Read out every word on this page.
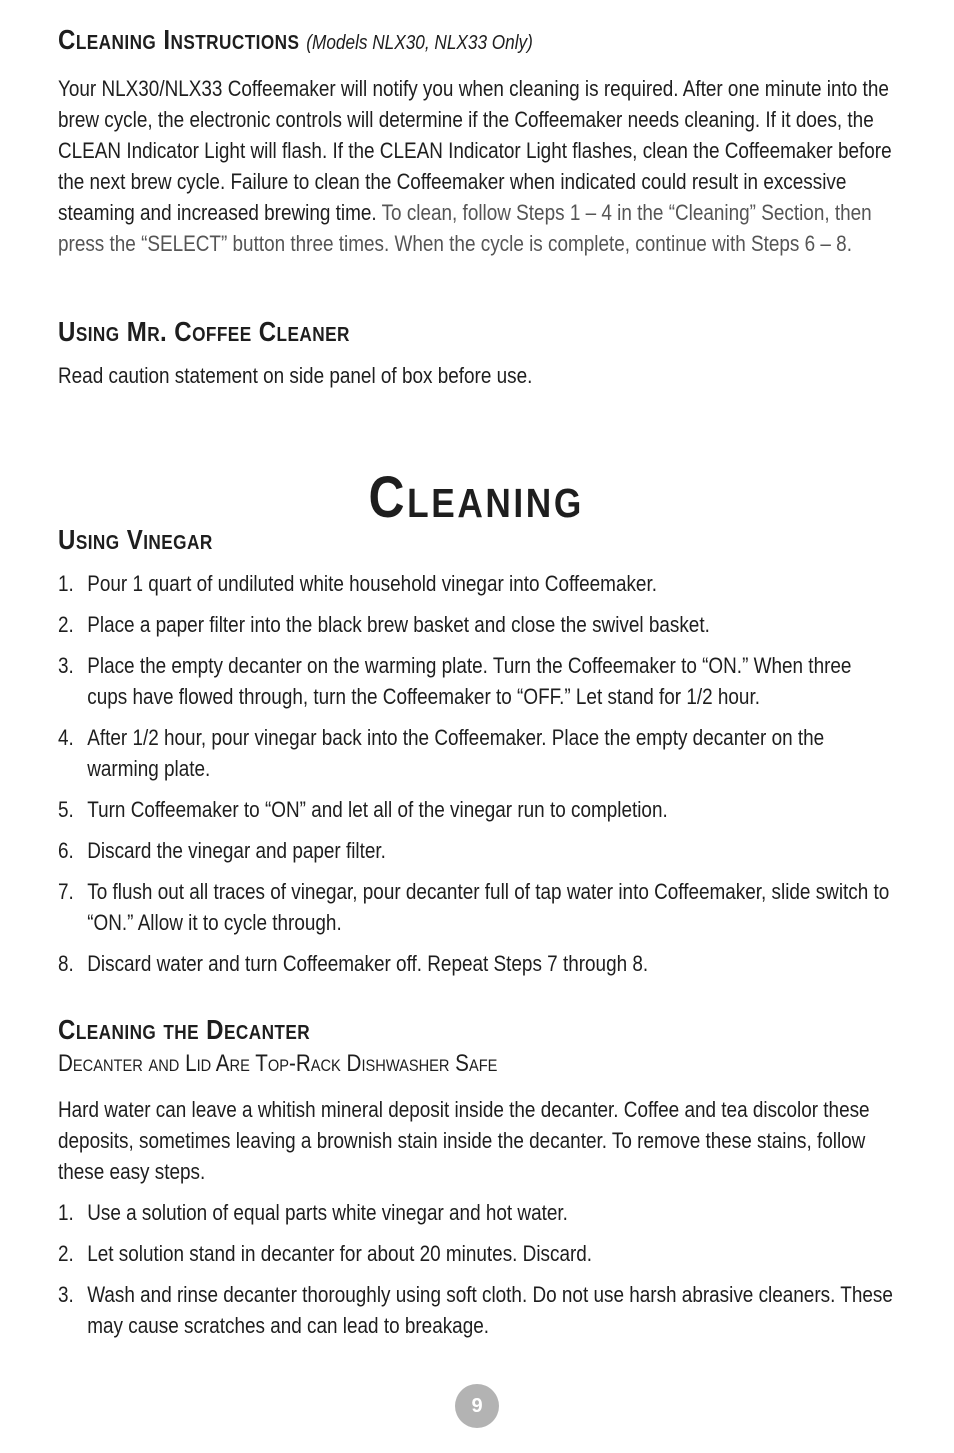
Cleaning Instructions (Models NLX30, NLX33 Only)

Your NLX30/NLX33 Coffeemaker will notify you when cleaning is required. After one minute into the brew cycle, the electronic controls will determine if the Coffeemaker needs cleaning. If it does, the CLEAN Indicator Light will flash. If the CLEAN Indicator Light flashes, clean the Coffeemaker before the next brew cycle. Failure to clean the Coffeemaker when indicated could result in excessive steaming and increased brewing time. To clean, follow Steps 1 – 4 in the “Cleaning” Section, then press the “SELECT” button three times. When the cycle is complete, continue with Steps 6 – 8.

Using Mr. Coffee Cleaner

Read caution statement on side panel of box before use.

Cleaning
Using Vinegar
1. Pour 1 quart of undiluted white household vinegar into Coffeemaker.
2. Place a paper filter into the black brew basket and close the swivel basket.
3. Place the empty decanter on the warming plate. Turn the Coffeemaker to “ON.” When three cups have flowed through, turn the Coffeemaker to “OFF.” Let stand for 1/2 hour.
4. After 1/2 hour, pour vinegar back into the Coffeemaker. Place the empty decanter on the warming plate.
5. Turn Coffeemaker to “ON” and let all of the vinegar run to completion.
6. Discard the vinegar and paper filter.
7. To flush out all traces of vinegar, pour decanter full of tap water into Coffeemaker, slide switch to “ON.” Allow it to cycle through.
8. Discard water and turn Coffeemaker off. Repeat Steps 7 through 8.
Cleaning the Decanter
Decanter and Lid Are Top-Rack Dishwasher Safe

Hard water can leave a whitish mineral deposit inside the decanter. Coffee and tea discolor these deposits, sometimes leaving a brownish stain inside the decanter. To remove these stains, follow these easy steps.

1. Use a solution of equal parts white vinegar and hot water.
2. Let solution stand in decanter for about 20 minutes. Discard.
3. Wash and rinse decanter thoroughly using soft cloth. Do not use harsh abrasive cleaners. These may cause scratches and can lead to breakage.
9
